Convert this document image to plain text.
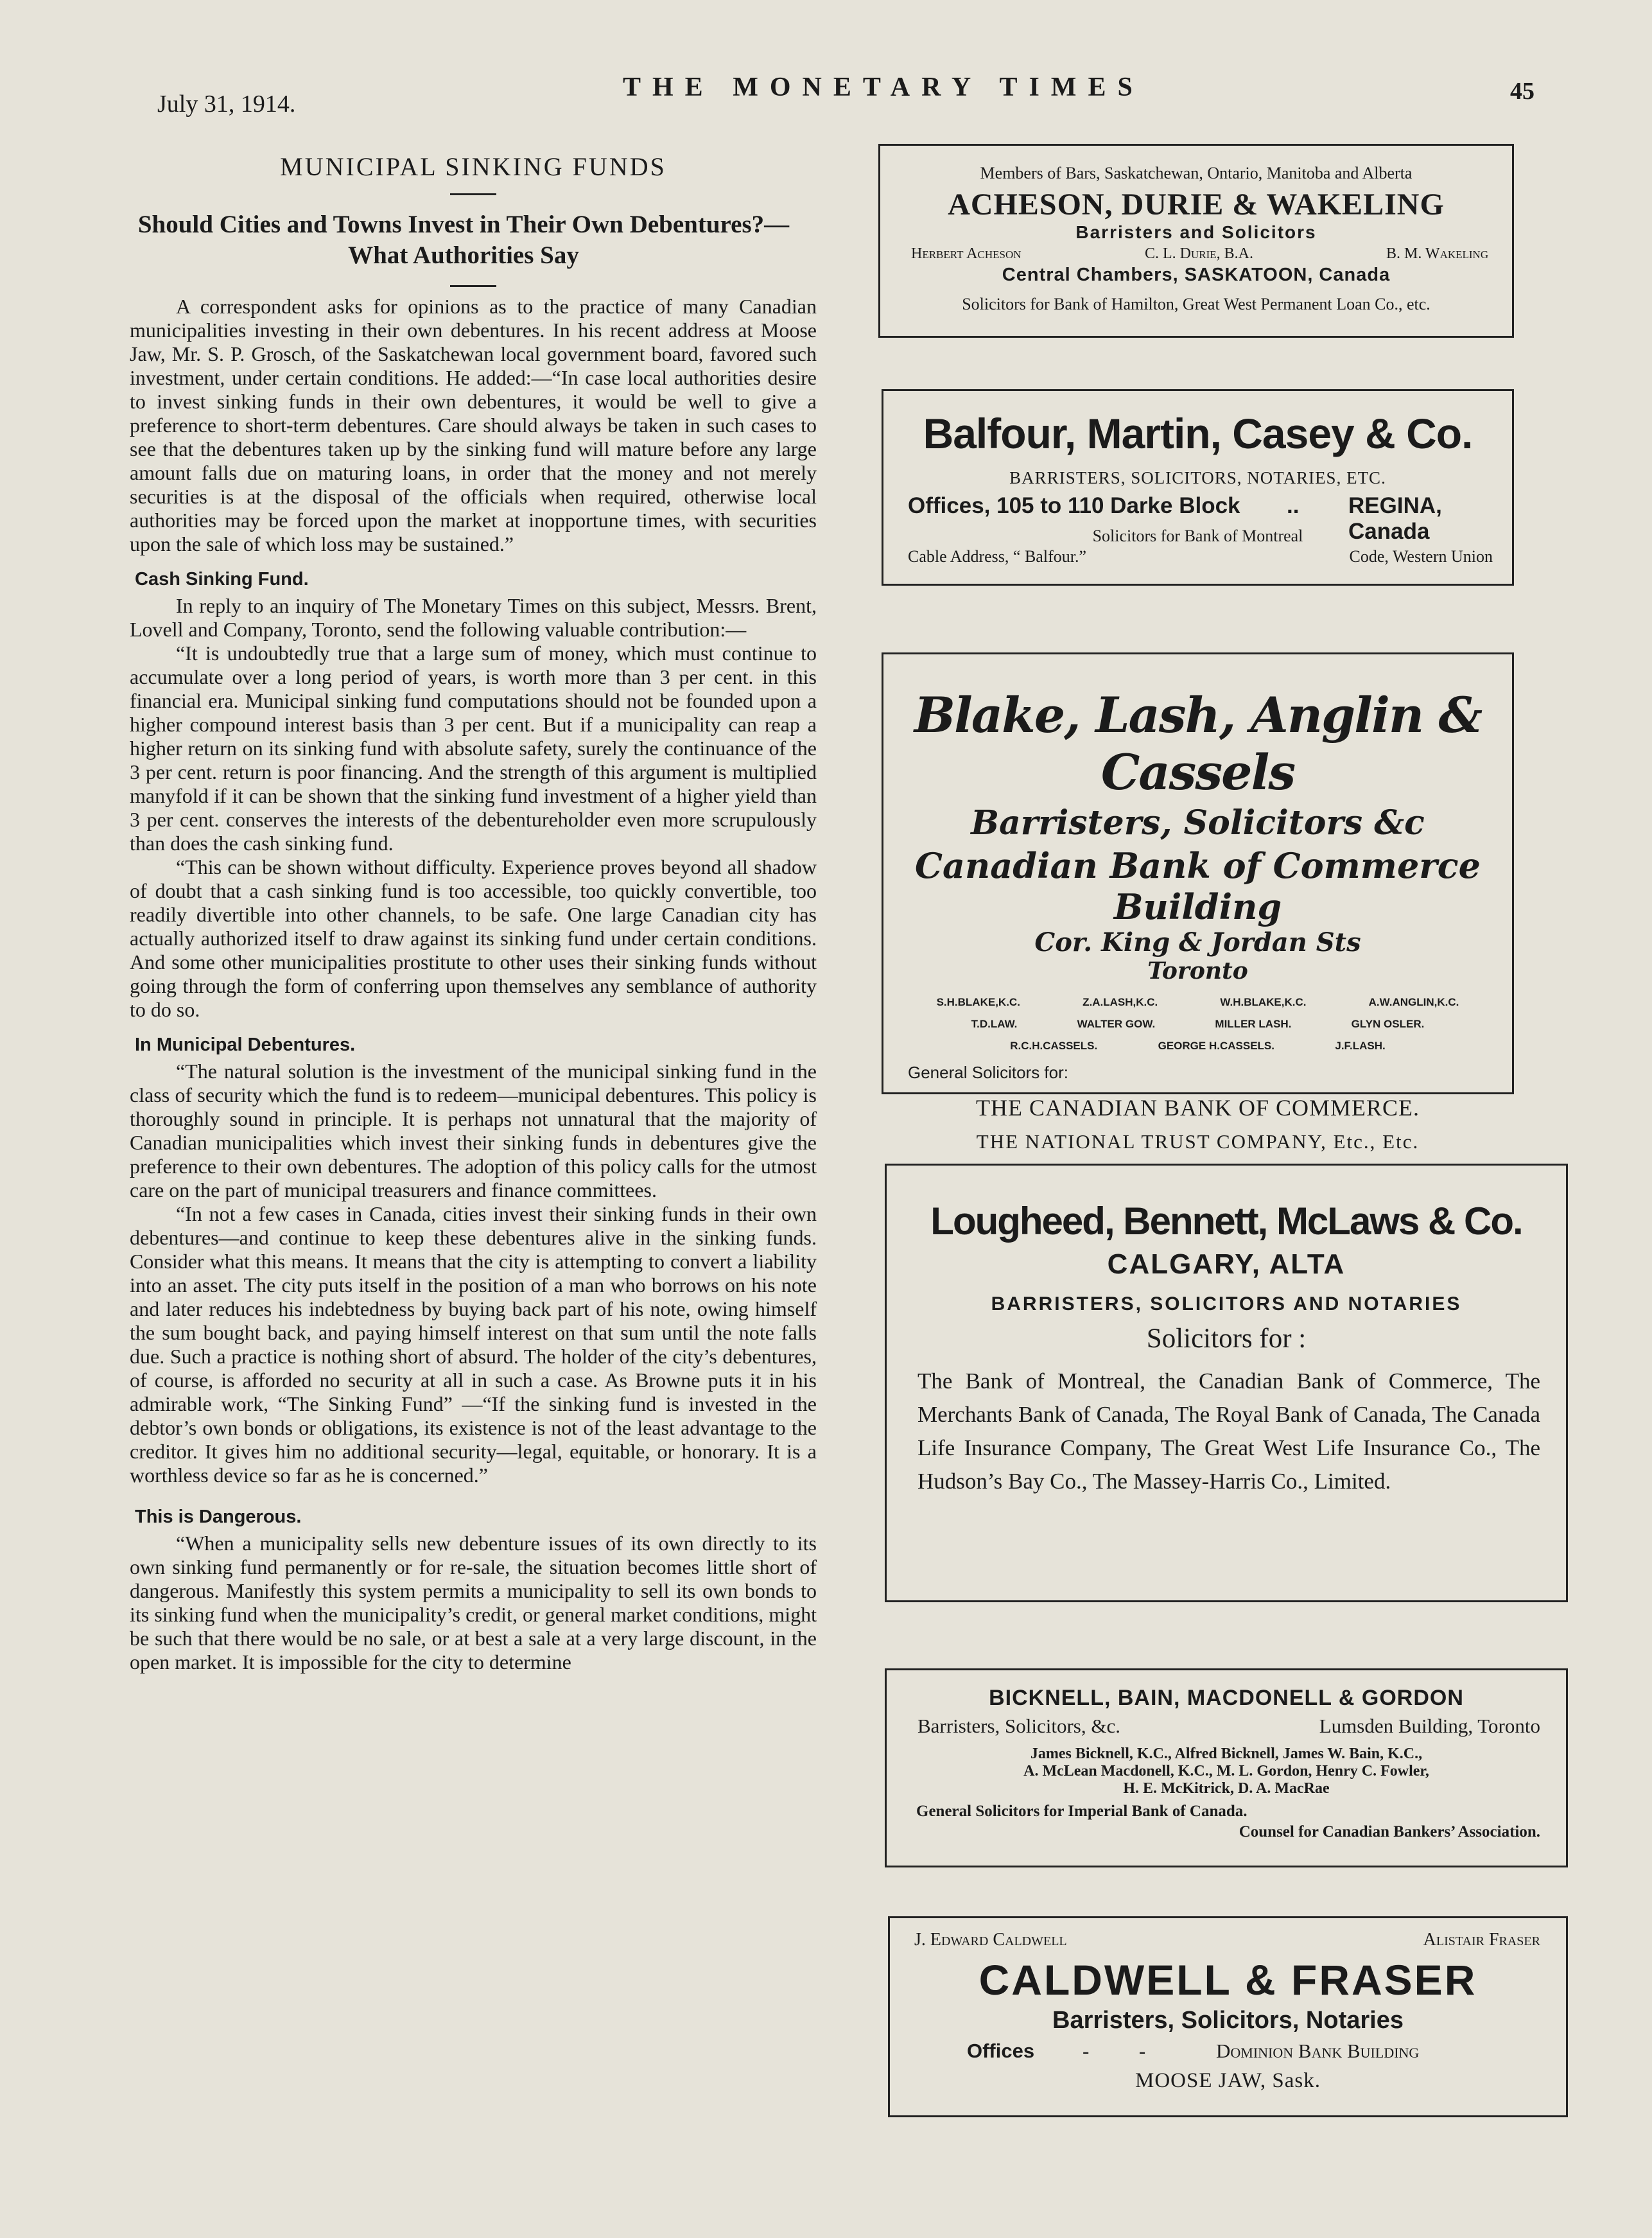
July 31, 1914.
THE MONETARY TIMES	45
MUNICIPAL SINKING FUNDS
Should Cities and Towns Invest in Their Own Debentures?—What Authorities Say

A correspondent asks for opinions as to the practice of many Canadian municipalities investing in their own debentures. In his recent address at Moose Jaw, Mr. S. P. Grosch, of the Saskatchewan local government board, favored such investment, under certain conditions. He added:—“In case local authorities desire to invest sinking funds in their own debentures, it would be well to give a preference to short-term debentures. Care should always be taken in such cases to see that the debentures taken up by the sinking fund will mature before any large amount falls due on maturing loans, in order that the money and not merely securities is at the disposal of the officials when required, otherwise local authorities may be forced upon the market at inopportune times, with securities upon the sale of which loss may be sustained.”

Cash Sinking Fund.

In reply to an inquiry of The Monetary Times on this subject, Messrs. Brent, Lovell and Company, Toronto, send the following valuable contribution:—

“It is undoubtedly true that a large sum of money, which must continue to accumulate over a long period of years, is worth more than 3 per cent. in this financial era. Municipal sinking fund computations should not be founded upon a higher compound interest basis than 3 per cent. But if a municipality can reap a higher return on its sinking fund with absolute safety, surely the continuance of the 3 per cent. return is poor financing. And the strength of this argument is multiplied manyfold if it can be shown that the sinking fund investment of a higher yield than 3 per cent. conserves the interests of the debentureholder even more scrupulously than does the cash sinking fund.

“This can be shown without difficulty. Experience proves beyond all shadow of doubt that a cash sinking fund is too accessible, too quickly convertible, too readily divertible into other channels, to be safe. One large Canadian city has actually authorized itself to draw against its sinking fund under certain conditions. And some other municipalities prostitute to other uses their sinking funds without going through the form of conferring upon themselves any semblance of authority to do so.

In Municipal Debentures.

“The natural solution is the investment of the municipal sinking fund in the class of security which the fund is to redeem—municipal debentures. This policy is thoroughly sound in principle. It is perhaps not unnatural that the majority of Canadian municipalities which invest their sinking funds in debentures give the preference to their own debentures. The adoption of this policy calls for the utmost care on the part of municipal treasurers and finance committees.

“In not a few cases in Canada, cities invest their sinking funds in their own debentures—and continue to keep these debentures alive in the sinking funds. Consider what this means. It means that the city is attempting to convert a liability into an asset. The city puts itself in the position of a man who borrows on his note and later reduces his indebtedness by buying back part of his note, owing himself the sum bought back, and paying himself interest on that sum until the note falls due. Such a practice is nothing short of absurd. The holder of the city’s debentures, of course, is afforded no security at all in such a case. As Browne puts it in his admirable work, “The Sinking Fund” —“If the sinking fund is invested in the debtor’s own bonds or obligations, its existence is not of the least advantage to the creditor. It gives him no additional security—legal, equitable, or honorary. It is a worthless device so far as he is concerned.”

This is Dangerous.

“When a municipality sells new debenture issues of its own directly to its own sinking fund permanently or for re-sale, the situation becomes little short of dangerous. Manifestly this system permits a municipality to sell its own bonds to its sinking fund when the municipality’s credit, or general market conditions, might be such that there would be no sale, or at best a sale at a very large discount, in the open market. It is impossible for the city to determine

Members of Bars, Saskatchewan, Ontario, Manitoba and Alberta
ACHESON, DURIE & WAKELING
Barristers and Solicitors
Herbert Acheson	C. L. Durie, B.A.	B. M. Wakeling
Central Chambers, SASKATOON, Canada
Solicitors for Bank of Hamilton, Great West Permanent Loan Co., etc.
Balfour, Martin, Casey & Co.
BARRISTERS, SOLICITORS, NOTARIES, ETC.
Offices, 105 to 110 Darke Block .. REGINA, Canada
Solicitors for Bank of Montreal
Cable Address, “ Balfour.”	Code, Western Union
Blake, Lash, Anglin & Cassels
Barristers, Solicitors &c
Canadian Bank of Commerce Building
Cor. King & Jordan Sts
Toronto
S.H.BLAKE,K.C.	Z.A.LASH,K.C.	W.H.BLAKE,K.C.	A.W.ANGLIN,K.C.
T.D.LAW.	WALTER GOW.	MILLER LASH.	GLYN OSLER.
R.C.H.CASSELS.	GEORGE H.CASSELS.	J.F.LASH.
General Solicitors for:
THE CANADIAN BANK OF COMMERCE.
THE NATIONAL TRUST COMPANY, Etc., Etc.
Lougheed, Bennett, McLaws & Co.
CALGARY, ALTA
BARRISTERS, SOLICITORS AND NOTARIES
Solicitors for :
The Bank of Montreal, the Canadian Bank of Commerce, The Merchants Bank of Canada, The Royal Bank of Canada, The Canada Life Insurance Company, The Great West Life Insurance Co., The Hudson’s Bay Co., The Massey-Harris Co., Limited.
BICKNELL, BAIN, MACDONELL & GORDON
Barristers, Solicitors, &c.	Lumsden Building, Toronto
James Bicknell, K.C., Alfred Bicknell, James W. Bain, K.C., A. McLean Macdonell, K.C., M. L. Gordon, Henry C. Fowler, H. E. McKitrick, D. A. MacRae
General Solicitors for Imperial Bank of Canada.
Counsel for Canadian Bankers’ Association.
J. Edward Caldwell	Alistair Fraser
CALDWELL & FRASER
Barristers, Solicitors, Notaries
Offices -          -	Dominion Bank Building
MOOSE JAW, Sask.
